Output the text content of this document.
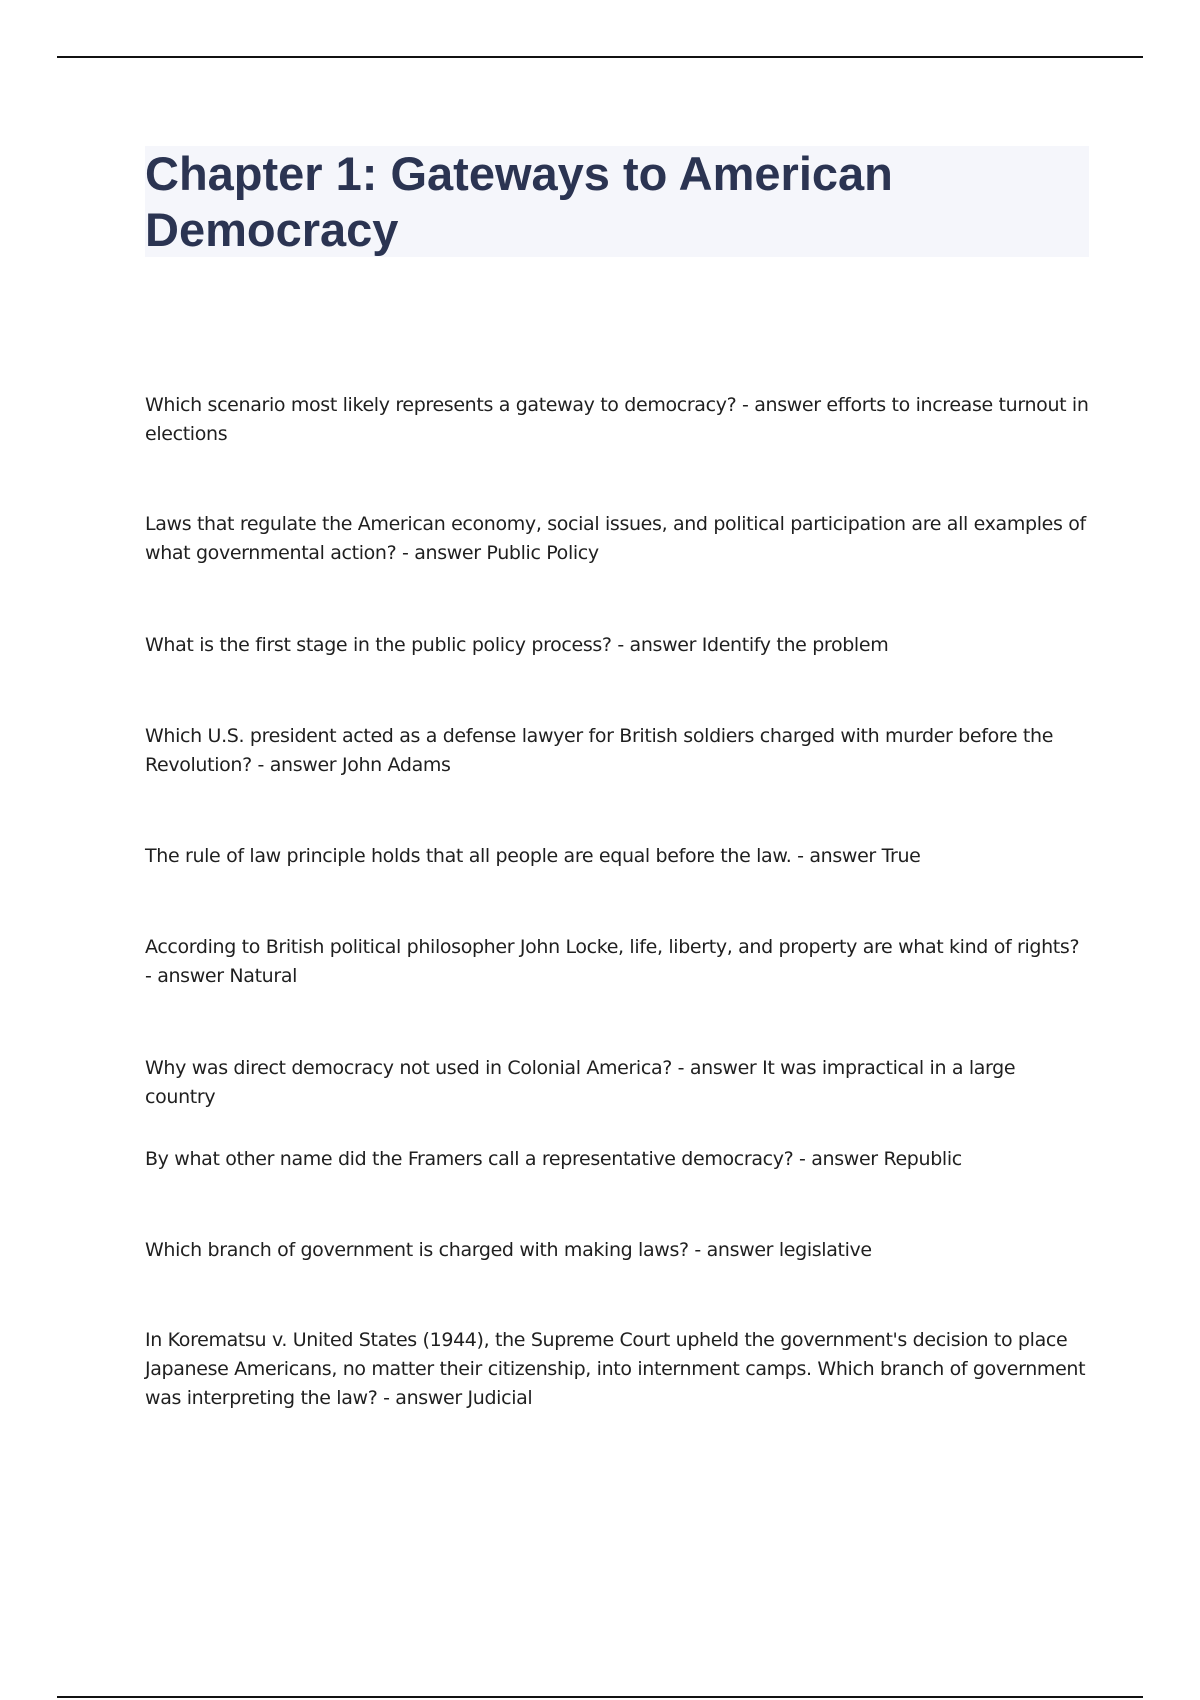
Chapter 1: Gateways to American Democracy

Which scenario most likely represents a gateway to democracy? - answer efforts to increase turnout in elections

Laws that regulate the American economy, social issues, and political participation are all examples of what governmental action? - answer Public Policy

What is the first stage in the public policy process? - answer Identify the problem

Which U.S. president acted as a defense lawyer for British soldiers charged with murder before the Revolution? - answer John Adams

The rule of law principle holds that all people are equal before the law. - answer True

According to British political philosopher John Locke, life, liberty, and property are what kind of rights? - answer Natural

Why was direct democracy not used in Colonial America? - answer It was impractical in a large country

By what other name did the Framers call a representative democracy? - answer Republic

Which branch of government is charged with making laws? - answer legislative

In Korematsu v. United States (1944), the Supreme Court upheld the government's decision to place Japanese Americans, no matter their citizenship, into internment camps. Which branch of government was interpreting the law? - answer Judicial
